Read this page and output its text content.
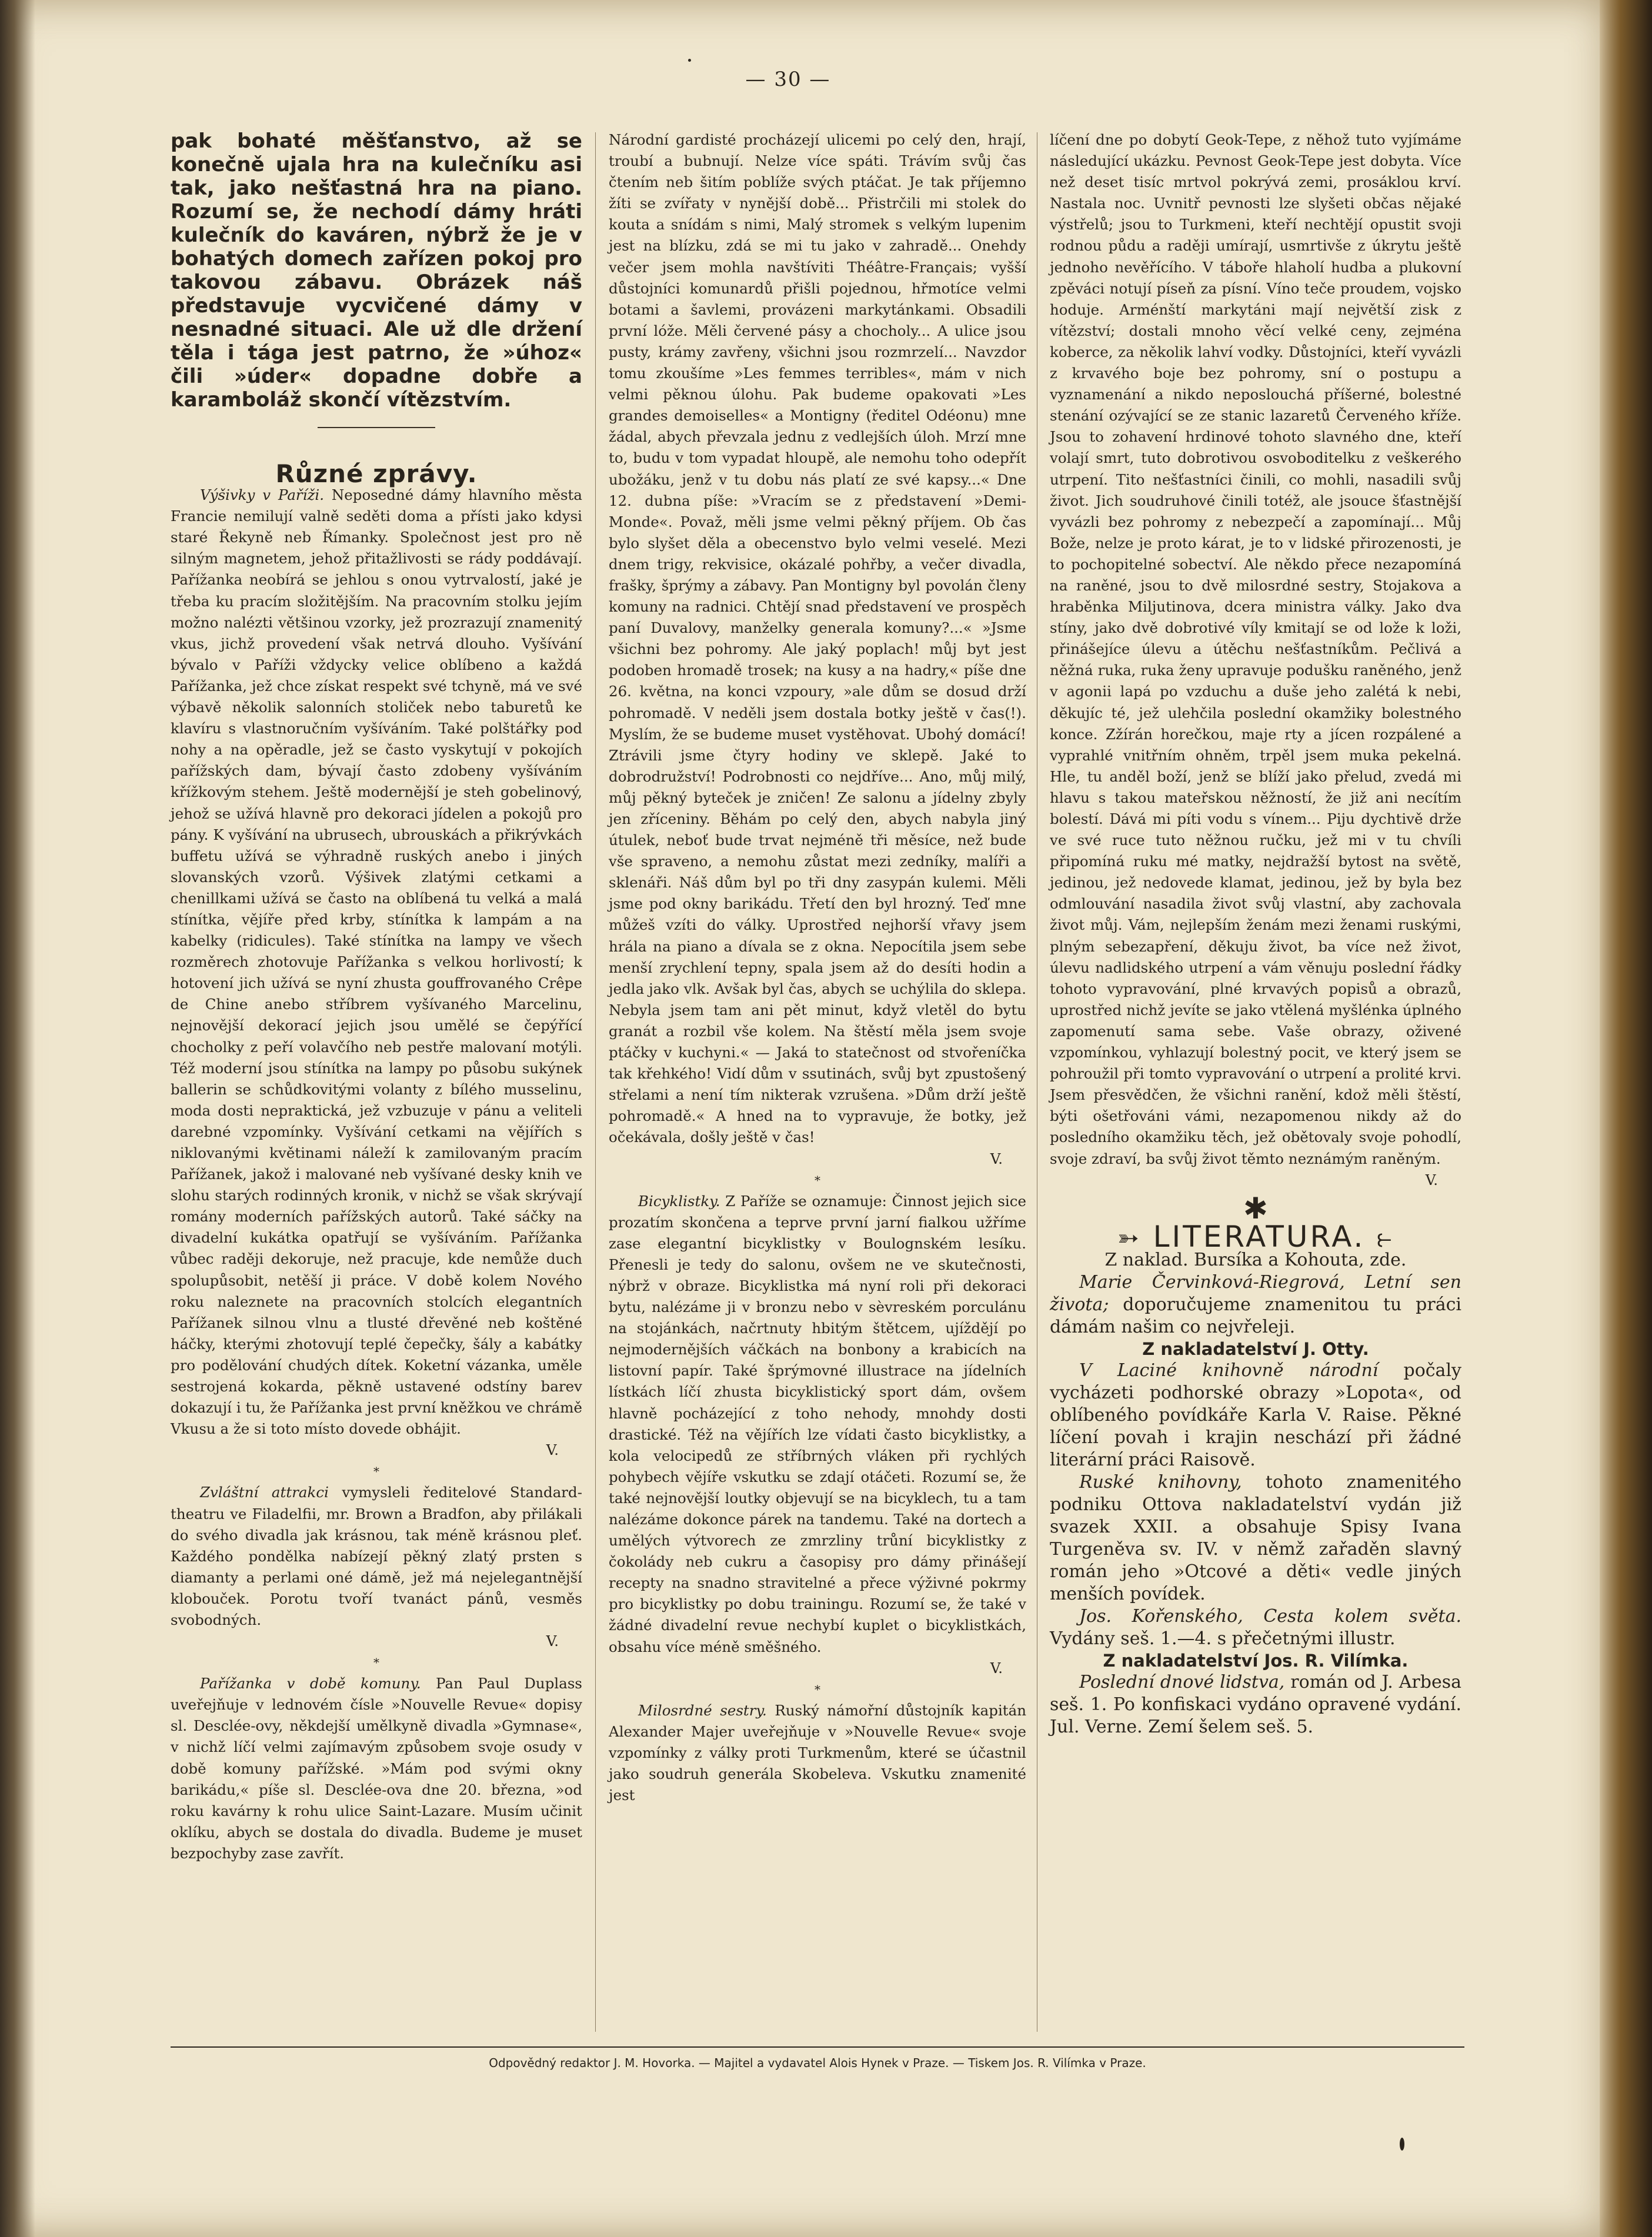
— 30 —

pak bohaté měšťanstvo, až se konečně ujala hra na kulečníku asi tak, jako nešťastná hra na piano. Rozumí se, že nechodí dámy hráti kulečník do kaváren, nýbrž že je v bohatých domech zařízen pokoj pro takovou zábavu. Obrázek náš představuje vycvičené dámy v nesnadné situaci. Ale už dle držení těla i tága jest patrno, že »úhoz« čili »úder« dopadne dobře a karamboláž skončí vítězstvím.

Různé zprávy.

Výšivky v Paříži. Neposedné dámy hlavního města Francie nemilují valně seděti doma a přísti jako kdysi staré Řekyně neb Římanky. Společnost jest pro ně silným magnetem, jehož přitažlivosti se rády poddávají. Pařížanka neobírá se jehlou s onou vytrvalostí, jaké je třeba ku pracím složitějším. Na pracovním stolku jejím možno nalézti většinou vzorky, jež prozrazují znamenitý vkus, jichž provedení však netrvá dlouho. Vyšívání bývalo v Paříži vždycky velice oblíbeno a každá Pařížanka, jež chce získat respekt své tchyně, má ve své výbavě několik salonních stoliček nebo taburetů ke klavíru s vlastnoručním vyšíváním. Také polštářky pod nohy a na opěradle, jež se často vyskytují v pokojích pařížských dam, bývají často zdobeny vyšíváním křížkovým stehem. Ještě modernější je steh gobelinový, jehož se užívá hlavně pro dekoraci jídelen a pokojů pro pány. K vyšívání na ubrusech, ubrouskách a přikrývkách buffetu užívá se výhradně ruských anebo i jiných slovanských vzorů. Výšivek zlatými cetkami a chenillkami užívá se často na oblíbená tu velká a malá stínítka, vějíře před krby, stínítka k lampám a na kabelky (ridicules). Také stínítka na lampy ve všech rozměrech zhotovuje Pařížanka s velkou horlivostí; k hotovení jich užívá se nyní zhusta gouffrovaného Crêpe de Chine anebo stříbrem vyšívaného Marcelinu, nejnovější dekorací jejich jsou umělé se čepýřící chocholky z peří volavčího neb pestře malovaní motýli. Též moderní jsou stínítka na lampy po působu sukýnek ballerin se schůdkovitými volanty z bílého musselinu, moda dosti nepraktická, jež vzbuzuje v pánu a veliteli darebné vzpomínky. Vyšívání cetkami na vějířích s niklovanými květinami náleží k zamilovaným pracím Pařížanek, jakož i malované neb vyšívané desky knih ve slohu starých rodinných kronik, v nichž se však skrývají romány moderních pařížských autorů. Také sáčky na divadelní kukátka opatřují se vyšíváním. Pařížanka vůbec raději dekoruje, než pracuje, kde nemůže duch spolupůsobit, netěší ji práce. V době kolem Nového roku naleznete na pracovních stolcích elegantních Pařížanek silnou vlnu a tlusté dřevěné neb koštěné háčky, kterými zhotovují teplé čepečky, šály a kabátky pro podělování chudých dítek. Koketní vázanka, uměle sestrojená kokarda, pěkně ustavené odstíny barev dokazují i tu, že Pařížanka jest první kněžkou ve chrámě Vkusu a že si toto místo dovede obhájit.

V.

*

Zvláštní attrakci vymysleli ředitelové Standard-theatru ve Filadelfii, mr. Brown a Bradfon, aby přilákali do svého divadla jak krásnou, tak méně krásnou pleť. Každého pondělka nabízejí pěkný zlatý prsten s diamanty a perlami oné dámě, jež má nejelegantnější klobouček. Porotu tvoří tvanáct pánů, vesměs svobodných.

V.

*

Pařížanka v době komuny. Pan Paul Duplass uveřejňuje v lednovém čísle »Nouvelle Revue« dopisy sl. Desclée-ovy, někdejší umělkyně divadla »Gymnase«, v nichž líčí velmi zajímavým způsobem svoje osudy v době komuny pařížské. »Mám pod svými okny barikádu,« píše sl. Desclée-ova dne 20. března, »od roku kavárny k rohu ulice Saint-Lazare. Musím učinit oklíku, abych se dostala do divadla. Budeme je muset bezpochyby zase zavřít.

Národní gardisté procházejí ulicemi po celý den, hrají, troubí a bubnují. Nelze více spáti. Trávím svůj čas čtením neb šitím poblíže svých ptáčat. Je tak příjemno žíti se zvířaty v nynější době... Přistrčili mi stolek do kouta a snídám s nimi, Malý stromek s velkým lupenim jest na blízku, zdá se mi tu jako v zahradě... Onehdy večer jsem mohla navštíviti Théâtre-Français; vyšší důstojníci komunardů přišli pojednou, hřmotíce velmi botami a šavlemi, provázeni markytánkami. Obsadili první lóže. Měli červené pásy a chocholy... A ulice jsou pusty, krámy zavřeny, všichni jsou rozmrzelí... Navzdor tomu zkoušíme »Les femmes terribles«, mám v nich velmi pěknou úlohu. Pak budeme opakovati »Les grandes demoiselles« a Montigny (ředitel Odéonu) mne žádal, abych převzala jednu z vedlejších úloh. Mrzí mne to, budu v tom vypadat hloupě, ale nemohu toho odepřít ubožáku, jenž v tu dobu nás platí ze své kapsy...« Dne 12. dubna píše: »Vracím se z představení »Demi-Monde«. Považ, měli jsme velmi pěkný příjem. Ob čas bylo slyšet děla a obecenstvo bylo velmi veselé. Mezi dnem trigy, rekvisice, okázalé pohřby, a večer divadla, frašky, šprýmy a zábavy. Pan Montigny byl povolán členy komuny na radnici. Chtějí snad představení ve prospěch paní Duvalovy, manželky generala komuny?...« »Jsme všichni bez pohromy. Ale jaký poplach! můj byt jest podoben hromadě trosek; na kusy a na hadry,« píše dne 26. května, na konci vzpoury, »ale dům se dosud drží pohromadě. V neděli jsem dostala botky ještě v čas(!). Myslím, že se budeme muset vystěhovat. Ubohý domácí! Ztrávili jsme čtyry hodiny ve sklepě. Jaké to dobrodružství! Podrobnosti co nejdříve... Ano, můj milý, můj pěkný byteček je zničen! Ze salonu a jídelny zbyly jen zříceniny. Běhám po celý den, abych nabyla jiný útulek, neboť bude trvat nejméně tři měsíce, než bude vše spraveno, a nemohu zůstat mezi zedníky, malíři a sklenáři. Náš dům byl po tři dny zasypán kulemi. Měli jsme pod okny barikádu. Třetí den byl hrozný. Teď mne můžeš vzíti do války. Uprostřed nejhorší vřavy jsem hrála na piano a dívala se z okna. Nepocítila jsem sebe menší zrychlení tepny, spala jsem až do desíti hodin a jedla jako vlk. Avšak byl čas, abych se uchýlila do sklepa. Nebyla jsem tam ani pět minut, když vletěl do bytu granát a rozbil vše kolem. Na štěstí měla jsem svoje ptáčky v kuchyni.« — Jaká to statečnost od stvořeníčka tak křehkého! Vidí dům v ssutinách, svůj byt zpustošený střelami a není tím nikterak vzrušena. »Dům drží ještě pohromadě.« A hned na to vypravuje, že botky, jež očekávala, došly ještě v čas!

V.

*

Bicyklistky. Z Paříže se oznamuje: Činnost jejich sice prozatím skončena a teprve první jarní fialkou užříme zase elegantní bicyklistky v Boulognském lesíku. Přenesli je tedy do salonu, ovšem ne ve skutečnosti, nýbrž v obraze. Bicyklistka má nyní roli při dekoraci bytu, nalézáme ji v bronzu nebo v sèvreském porculánu na stojánkách, načrtnuty hbitým štětcem, ujíždějí po nejmodernějších váčkách na bonbony a krabicích na listovní papír. Také šprýmovné illustrace na jídelních lístkách líčí zhusta bicyklistický sport dám, ovšem hlavně pocházející z toho nehody, mnohdy dosti drastické. Též na vějířích lze vídati často bicyklistky, a kola velocipedů ze stříbrných vláken při rychlých pohybech vějíře vskutku se zdají otáčeti. Rozumí se, že také nejnovější loutky objevují se na bicyklech, tu a tam nalézáme dokonce párek na tandemu. Také na dortech a umělých výtvorech ze zmrzliny trůní bicyklistky z čokolády neb cukru a časopisy pro dámy přinášejí recepty na snadno stravitelné a přece výživné pokrmy pro bicyklistky po dobu trainingu. Rozumí se, že také v žádné divadelní revue nechybí kuplet o bicyklistkách, obsahu více méně směšného.

V.

*

Milosrdné sestry. Ruský námořní důstojník kapitán Alexander Majer uveřejňuje v »Nouvelle Revue« svoje vzpomínky z války proti Turkmenům, které se účastnil jako soudruh generála Skobeleva. Vskutku znamenité jest

líčení dne po dobytí Geok-Tepe, z něhož tuto vyjímáme následující ukázku. Pevnost Geok-Tepe jest dobyta. Více než deset tisíc mrtvol pokrývá zemi, prosáklou krví. Nastala noc. Uvnitř pevnosti lze slyšeti občas nějaké výstřelů; jsou to Turkmeni, kteří nechtějí opustit svoji rodnou půdu a raději umírají, usmrtivše z úkrytu ještě jednoho nevěřícího. V táboře hlaholí hudba a plukovní zpěváci notují píseň za písní. Víno teče proudem, vojsko hoduje. Arménští markytáni mají největší zisk z vítězství; dostali mnoho věcí velké ceny, zejména koberce, za několik lahví vodky. Důstojníci, kteří vyvázli z krvavého boje bez pohromy, sní o postupu a vyznamenání a nikdo neposlouchá příšerné, bolestné stenání ozývající se ze stanic lazaretů Červeného kříže. Jsou to zohavení hrdinové tohoto slavného dne, kteří volají smrt, tuto dobrotivou osvoboditelku z veškerého utrpení. Tito nešťastníci činili, co mohli, nasadili svůj život. Jich soudruhové činili totéž, ale jsouce šťastnější vyvázli bez pohromy z nebezpečí a zapomínají... Můj Bože, nelze je proto kárat, je to v lidské přirozenosti, je to pochopitelné sobectví. Ale někdo přece nezapomíná na raněné, jsou to dvě milosrdné sestry, Stojakova a hraběnka Miljutinova, dcera ministra války. Jako dva stíny, jako dvě dobrotivé víly kmitají se od lože k loži, přinášejíce úlevu a útěchu nešťastníkům. Pečlivá a něžná ruka, ruka ženy upravuje podušku raněného, jenž v agonii lapá po vzduchu a duše jeho zalétá k nebi, děkujíc té, jež ulehčila poslední okamžiky bolestného konce. Zžírán horečkou, maje rty a jícen rozpálené a vyprahlé vnitřním ohněm, trpěl jsem muka pekelná. Hle, tu anděl boží, jenž se blíží jako přelud, zvedá mi hlavu s takou mateřskou něžností, že již ani necítím bolestí. Dává mi píti vodu s vínem... Piju dychtivě drže ve své ruce tuto něžnou ručku, jež mi v tu chvíli připomíná ruku mé matky, nejdražší bytost na světě, jedinou, jež nedovede klamat, jedinou, jež by byla bez odmlouvání nasadila život svůj vlastní, aby zachovala život můj. Vám, nejlepším ženám mezi ženami ruskými, plným sebezapření, děkuju život, ba více než život, úlevu nadlidského utrpení a vám věnuju poslední řádky tohoto vypravování, plné krvavých popisů a obrazů, uprostřed nichž jevíte se jako vtělená myšlénka úplného zapomenutí sama sebe. Vaše obrazy, oživené vzpomínkou, vyhlazují bolestný pocit, ve který jsem se pohroužil při tomto vypravování o utrpení a prolité krvi. Jsem přesvědčen, že všichni ranění, kdož měli štěstí, býti ošetřováni vámi, nezapomenou nikdy až do posledního okamžiku těch, jež obětovaly svoje pohodlí, svoje zdraví, ba svůj život těmto neznámým raněným.

V.

✱

➳ LITERATURA. ⥼

Z naklad. Bursíka a Kohouta, zde.

Marie Červinková-Riegrová, Letní sen života; doporučujeme znamenitou tu práci dámám našim co nejvřeleji.

Z nakladatelství J. Otty.

V Laciné knihovně národní počaly vycházeti podhorské obrazy »Lopota«, od oblíbeného povídkáře Karla V. Raise. Pěkné líčení povah i krajin neschází při žádné literární práci Raisově.

Ruské knihovny, tohoto znamenitého podniku Ottova nakladatelství vydán již svazek XXII. a obsahuje Spisy Ivana Turgeněva sv. IV. v němž zařaděn slavný román jeho »Otcové a děti« vedle jiných menších povídek.

Jos. Kořenského, Cesta kolem světa. Vydány seš. 1.—4. s přečetnými illustr.

Z nakladatelství Jos. R. Vilímka.

Poslední dnové lidstva, román od J. Arbesa seš. 1. Po konfiskaci vydáno opravené vydání. Jul. Verne. Zemí šelem seš. 5.

Odpovědný redaktor J. M. Hovorka. — Majitel a vydavatel Alois Hynek v Praze. — Tiskem Jos. R. Vilímka v Praze.
